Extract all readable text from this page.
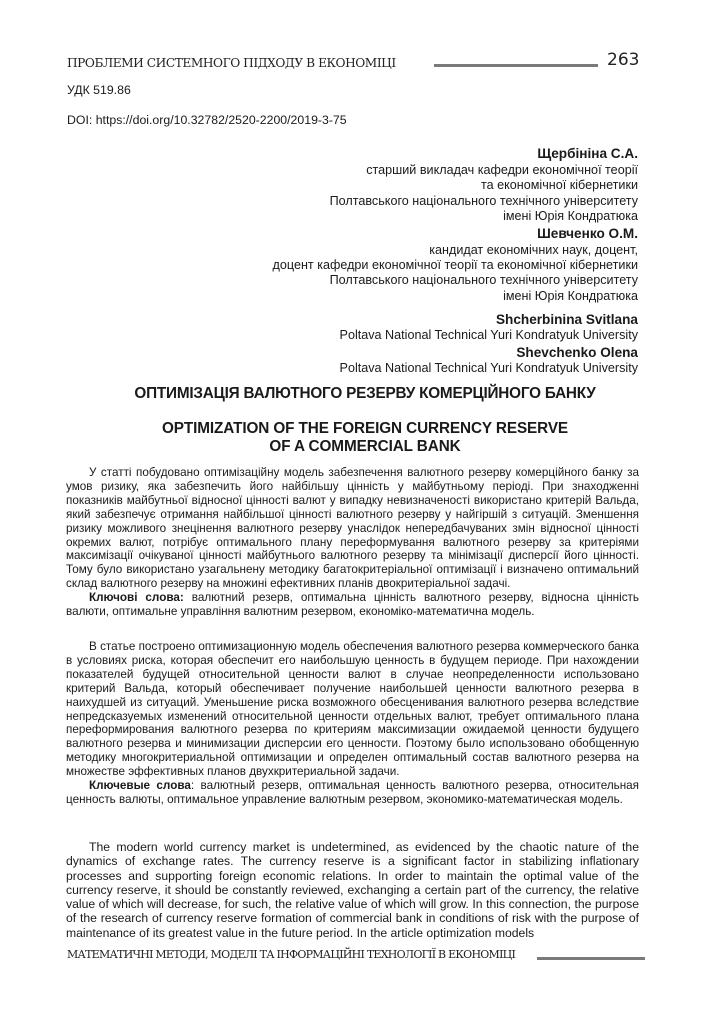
ПРОБЛЕМИ СИСТЕМНОГО ПІДХОДУ В ЕКОНОМІЦІ	263
УДК 519.86
DOI: https://doi.org/10.32782/2520-2200/2019-3-75
Щербініна С.А.
старший викладач кафедри економічної теорії
та економічної кібернетики
Полтавського національного технічного університету
імені Юрія Кондратюка
Шевченко О.М.
кандидат економічних наук, доцент,
доцент кафедри економічної теорії та економічної кібернетики
Полтавського національного технічного університету
імені Юрія Кондратюка
Shcherbinina Svitlana
Poltava National Technical Yuri Kondratyuk University
Shevchenko Olena
Poltava National Technical Yuri Kondratyuk University
ОПТИМІЗАЦІЯ ВАЛЮТНОГО РЕЗЕРВУ КОМЕРЦІЙНОГО БАНКУ
OPTIMIZATION OF THE FOREIGN CURRENCY RESERVE
OF A COMMERCIAL BANK

У статті побудовано оптимізаційну модель забезпечення валютного резерву комерційного банку за умов ризику, яка забезпечить його найбільшу цінність у майбутньому періоді. При знаходженні показників майбутньої відносної цінності валют у випадку невизначеності використано критерій Вальда, який забезпечує отримання найбільшої цінності валютного резерву у найгіршій з ситуацій. Зменшення ризику можливого знецінення валютного резерву унаслідок непередбачуваних змін відносної цінності окремих валют, потрібує оптимального плану переформування валютного резерву за критеріями максимізації очікуваної цінності майбутнього валютного резерву та мінімізації дисперсії його цінності. Тому було використано узагальнену методику багатокритеріальної оптимізації і визначено оптимальний склад валютного резерву на множині ефективних планів двокритеріальної задачі.

Ключові слова: валютний резерв, оптимальна цінність валютного резерву, відносна цінність валюти, оптимальне управління валютним резервом, економіко-математична модель.

В статье построено оптимизационную модель обеспечения валютного резерва коммерческого банка в условиях риска, которая обеспечит его наибольшую ценность в будущем периоде. При нахождении показателей будущей относительной ценности валют в случае неопределенности использовано критерий Вальда, который обеспечивает получение наибольшей ценности валютного резерва в наихудшей из ситуаций. Уменьшение риска возможного обесценивания валютного резерва вследствие непредсказуемых изменений относительной ценности отдельных валют, требует оптимального плана переформирования валютного резерва по критериям максимизации ожидаемой ценности будущего валютного резерва и минимизации дисперсии его ценности. Поэтому было использовано обобщенную методику многокритериальной оптимизации и определен оптимальный состав валютного резерва на множестве эффективных планов двухкритериальной задачи.

Ключевые слова: валютный резерв, оптимальная ценность валютного резерва, относительная ценность валюты, оптимальное управление валютным резервом, экономико-математическая модель.

The modern world currency market is undetermined, as evidenced by the chaotic nature of the dynamics of exchange rates. The currency reserve is a significant factor in stabilizing inflationary processes and supporting foreign economic relations. In order to maintain the optimal value of the currency reserve, it should be constantly reviewed, exchanging a certain part of the currency, the relative value of which will decrease, for such, the relative value of which will grow. In this connection, the purpose of the research of currency reserve formation of commercial bank in conditions of risk with the purpose of maintenance of its greatest value in the future period. In the article optimization models

МАТЕМАТИЧНІ МЕТОДИ, МОДЕЛІ ТА ІНФОРМАЦІЙНІ ТЕХНОЛОГІЇ В ЕКОНОМІЦІ
